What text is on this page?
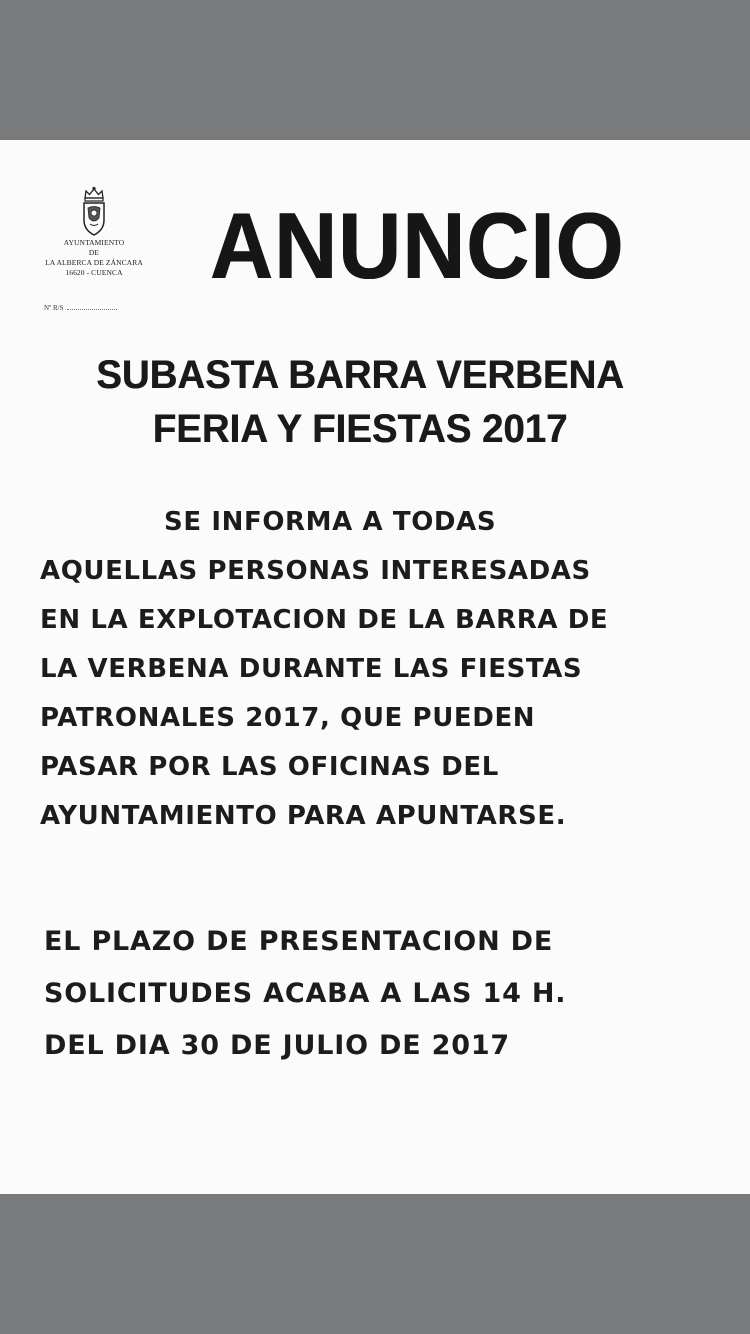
AYUNTAMIENTO
DE
LA ALBERCA DE ZÁNCARA
16620 - CUENCA
Nº R/S
ANUNCIO
SUBASTA BARRA VERBENA
FERIA Y FIESTAS 2017
SE INFORMA A TODAS
AQUELLAS PERSONAS INTERESADAS
EN LA EXPLOTACION DE LA BARRA DE
LA VERBENA DURANTE LAS FIESTAS
PATRONALES 2017, QUE PUEDEN
PASAR POR LAS OFICINAS DEL
AYUNTAMIENTO PARA APUNTARSE.
EL PLAZO DE PRESENTACION DE
SOLICITUDES ACABA A LAS 14 H.
DEL DIA 30 DE JULIO DE 2017
